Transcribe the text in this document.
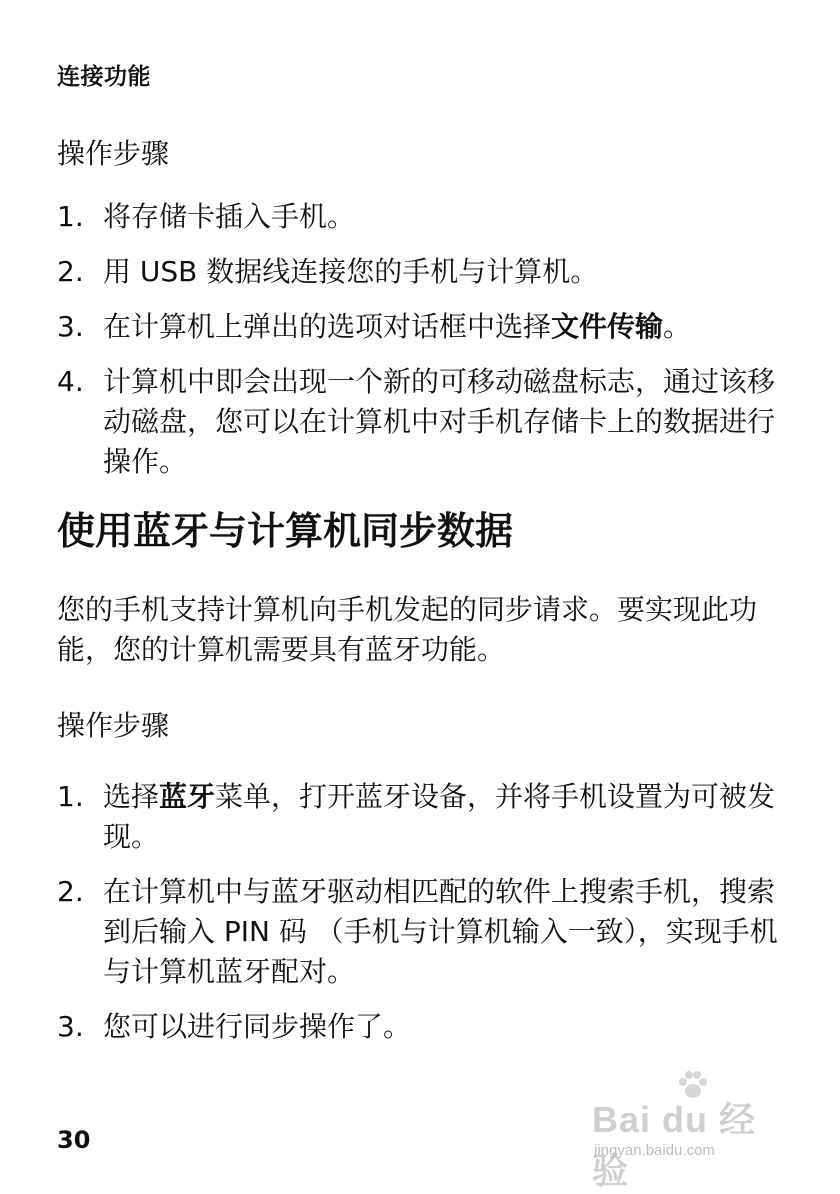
连接功能
操作步骤
1. 将存储卡插入手机。
2. 用 USB 数据线连接您的手机与计算机。
3. 在计算机上弹出的选项对话框中选择文件传输。
4. 计算机中即会出现一个新的可移动磁盘标志，通过该移动磁盘，您可以在计算机中对手机存储卡上的数据进行操作。
使用蓝牙与计算机同步数据
您的手机支持计算机向手机发起的同步请求。要实现此功能，您的计算机需要具有蓝牙功能。
操作步骤
1. 选择蓝牙菜单，打开蓝牙设备，并将手机设置为可被发现。
2. 在计算机中与蓝牙驱动相匹配的软件上搜索手机，搜索到后输入 PIN 码 （手机与计算机输入一致），实现手机与计算机蓝牙配对。
3. 您可以进行同步操作了。
30	Bai du 经验
jingyan.baidu.com
